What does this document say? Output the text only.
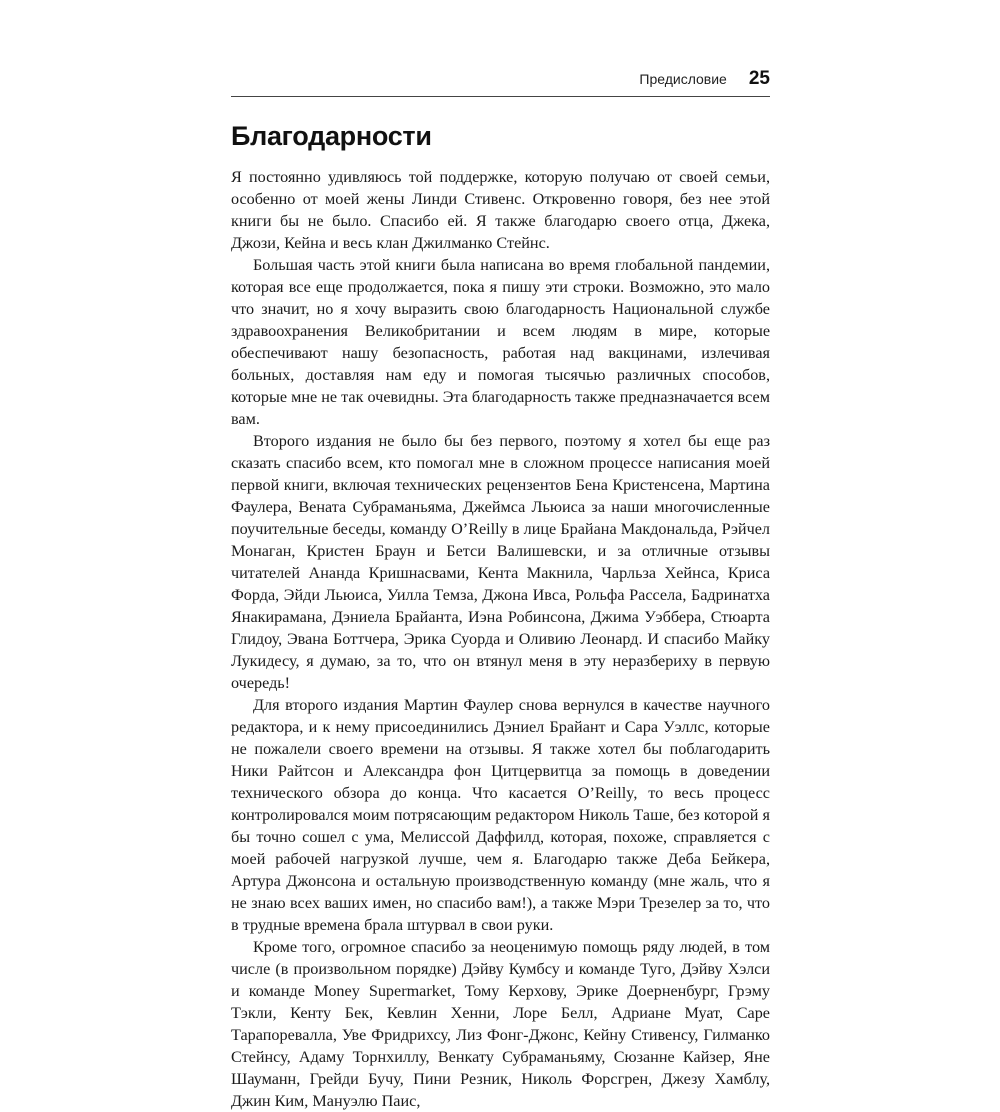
Предисловие 25
Благодарности

Я постоянно удивляюсь той поддержке, которую получаю от своей семьи, особенно от моей жены Линди Стивенс. Откровенно говоря, без нее этой книги бы не было. Спасибо ей. Я также благодарю своего отца, Джека, Джози, Кейна и весь клан Джилманко Стейнс.

Большая часть этой книги была написана во время глобальной пандемии, которая все еще продолжается, пока я пишу эти строки. Возможно, это мало что значит, но я хочу выразить свою благодарность Национальной службе здравоохранения Великобритании и всем людям в мире, которые обеспечивают нашу безопасность, работая над вакцинами, излечивая больных, доставляя нам еду и помогая тысячью различных способов, которые мне не так очевидны. Эта благодарность также предназначается всем вам.

Второго издания не было бы без первого, поэтому я хотел бы еще раз сказать спасибо всем, кто помогал мне в сложном процессе написания моей первой книги, включая технических рецензентов Бена Кристенсена, Мартина Фаулера, Вената Субраманьяма, Джеймса Льюиса за наши многочисленные поучительные беседы, команду O’Reilly в лице Брайана Макдональда, Рэйчел Монаган, Кристен Браун и Бетси Валишевски, и за отличные отзывы читателей Ананда Кришнасвами, Кента Макнила, Чарльза Хейнса, Криса Форда, Эйди Льюиса, Уилла Темза, Джона Ивса, Рольфа Рассела, Бадринатха Янакирамана, Дэниела Брайанта, Иэна Робинсона, Джима Уэббера, Стюарта Глидоу, Эвана Боттчера, Эрика Суорда и Оливию Леонард. И спасибо Майку Лукидесу, я думаю, за то, что он втянул меня в эту неразбериху в первую очередь!

Для второго издания Мартин Фаулер снова вернулся в качестве научного редактора, и к нему присоединились Дэниел Брайант и Сара Уэллс, которые не пожалели своего времени на отзывы. Я также хотел бы поблагодарить Ники Райтсон и Александра фон Цитцервитца за помощь в доведении технического обзора до конца. Что касается O’Reilly, то весь процесс контролировался моим потрясающим редактором Николь Таше, без которой я бы точно сошел с ума, Мелиссой Даффилд, которая, похоже, справляется с моей рабочей нагрузкой лучше, чем я. Благодарю также Деба Бейкера, Артура Джонсона и остальную производственную команду (мне жаль, что я не знаю всех ваших имен, но спасибо вам!), а также Мэри Трезелер за то, что в трудные времена брала штурвал в свои руки.

Кроме того, огромное спасибо за неоценимую помощь ряду людей, в том числе (в произвольном порядке) Дэйву Кумбсу и команде Туго, Дэйву Хэлси и команде Money Supermarket, Тому Керхову, Эрике Доерненбург, Грэму Тэкли, Кенту Бек, Кевлин Хенни, Лоре Белл, Адриане Муат, Саре Тарапоревалла, Уве Фридрихсу, Лиз Фонг-Джонс, Кейну Стивенсу, Гилманко Стейнсу, Адаму Торнхиллу, Венкату Субраманьяму, Сюзанне Кайзер, Яне Шауманн, Грейди Бучу, Пини Резник, Николь Форсгрен, Джезу Хамблу, Джин Ким, Мануэлю Паис,
